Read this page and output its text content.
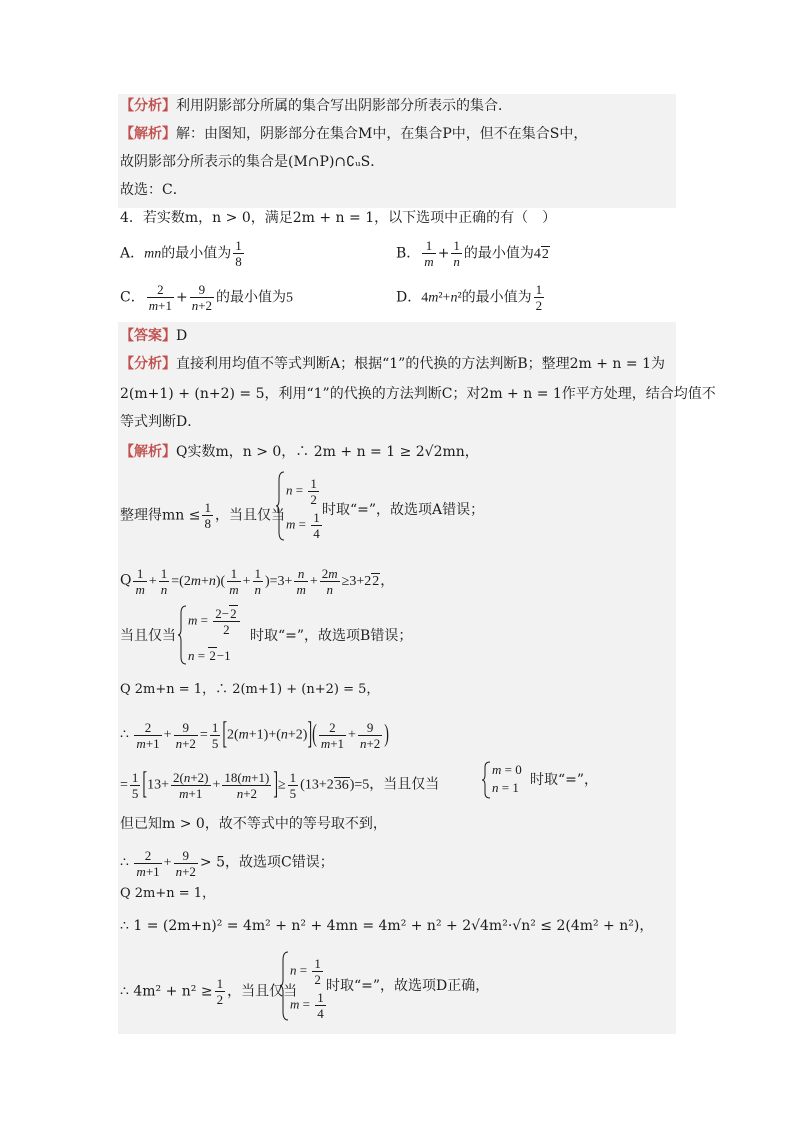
【分析】利用阴影部分所属的集合写出阴影部分所表示的集合．
【解析】解：由图知，阴影部分在集合M中，在集合P中，但不在集合S中，
故阴影部分所表示的集合是(M∩P)∩∁ᵤS．
故选：C．
4．若实数m，n > 0，满足2m + n = 1，以下选项中正确的有（　）
A．mn的最小值为 $\frac{1}{8}$	B． $\frac{1}{m} + \frac{1}{n}$ 的最小值为42
C． $\frac{2}{m+1} + \frac{9}{n+2}$ 的最小值为5	D．4m²+n²的最小值为 $\frac{1}{2}$
【答案】D
【分析】直接利用均值不等式判断A；根据“1”的代换的方法判断B；整理2m + n = 1为
2(m+1) + (n+2) = 5，利用“1”的代换的方法判断C；对2m + n = 1作平方处理，结合均值不
等式判断D．
【解析】Q实数m，n > 0，∴ 2m + n = 1 ≥ 2√2mn，
整理得mn ≤ $\frac{1}{8}$ ，当且仅当
$n = \frac{1}{2}$
$m = \frac{1}{4}$ 时取“=”，故选项A错误；
Q $\frac{1}{m} + \frac{1}{n} =(2m+n)( \frac{1}{m} + \frac{1}{n} )=3+ \frac{n}{m} + \frac{2m}{n} \ge 3+22$，
当且仅当
$m = \frac{2-2}{2}$
n = 2−1
时取“=”，故选项B错误；
Q 2m+n = 1，∴ 2(m+1) + (n+2) = 5，
∴ $\frac{2}{m+1} + \frac{9}{n+2} = \frac{1}{5} [2(m+1)+(n+2)]( \frac{2}{m+1} + \frac{9}{n+2}$ )
= $\frac{1}{5} [13+ \frac{2(n+2)}{m+1} + \frac{18(m+1)}{n+2}$ ]≥ $\frac{1}{5} (13+236)=5$，当且仅当
m = 0
n = 1 时取“=”，
但已知m > 0，故不等式中的等号取不到，
∴ $\frac{2}{m+1} + \frac{9}{n+2} > 5$，故选项C错误；
Q 2m+n = 1，
∴ 1 = (2m+n)² = 4m² + n² + 4mn = 4m² + n² + 2√4m²·√n² ≤ 2(4m² + n²)，
∴ $4m^2 + n^2 \ge \frac{1}{2}$ ，当且仅当
$n = \frac{1}{2}$
$m = \frac{1}{4}$
时取“=”，故选项D正确，
